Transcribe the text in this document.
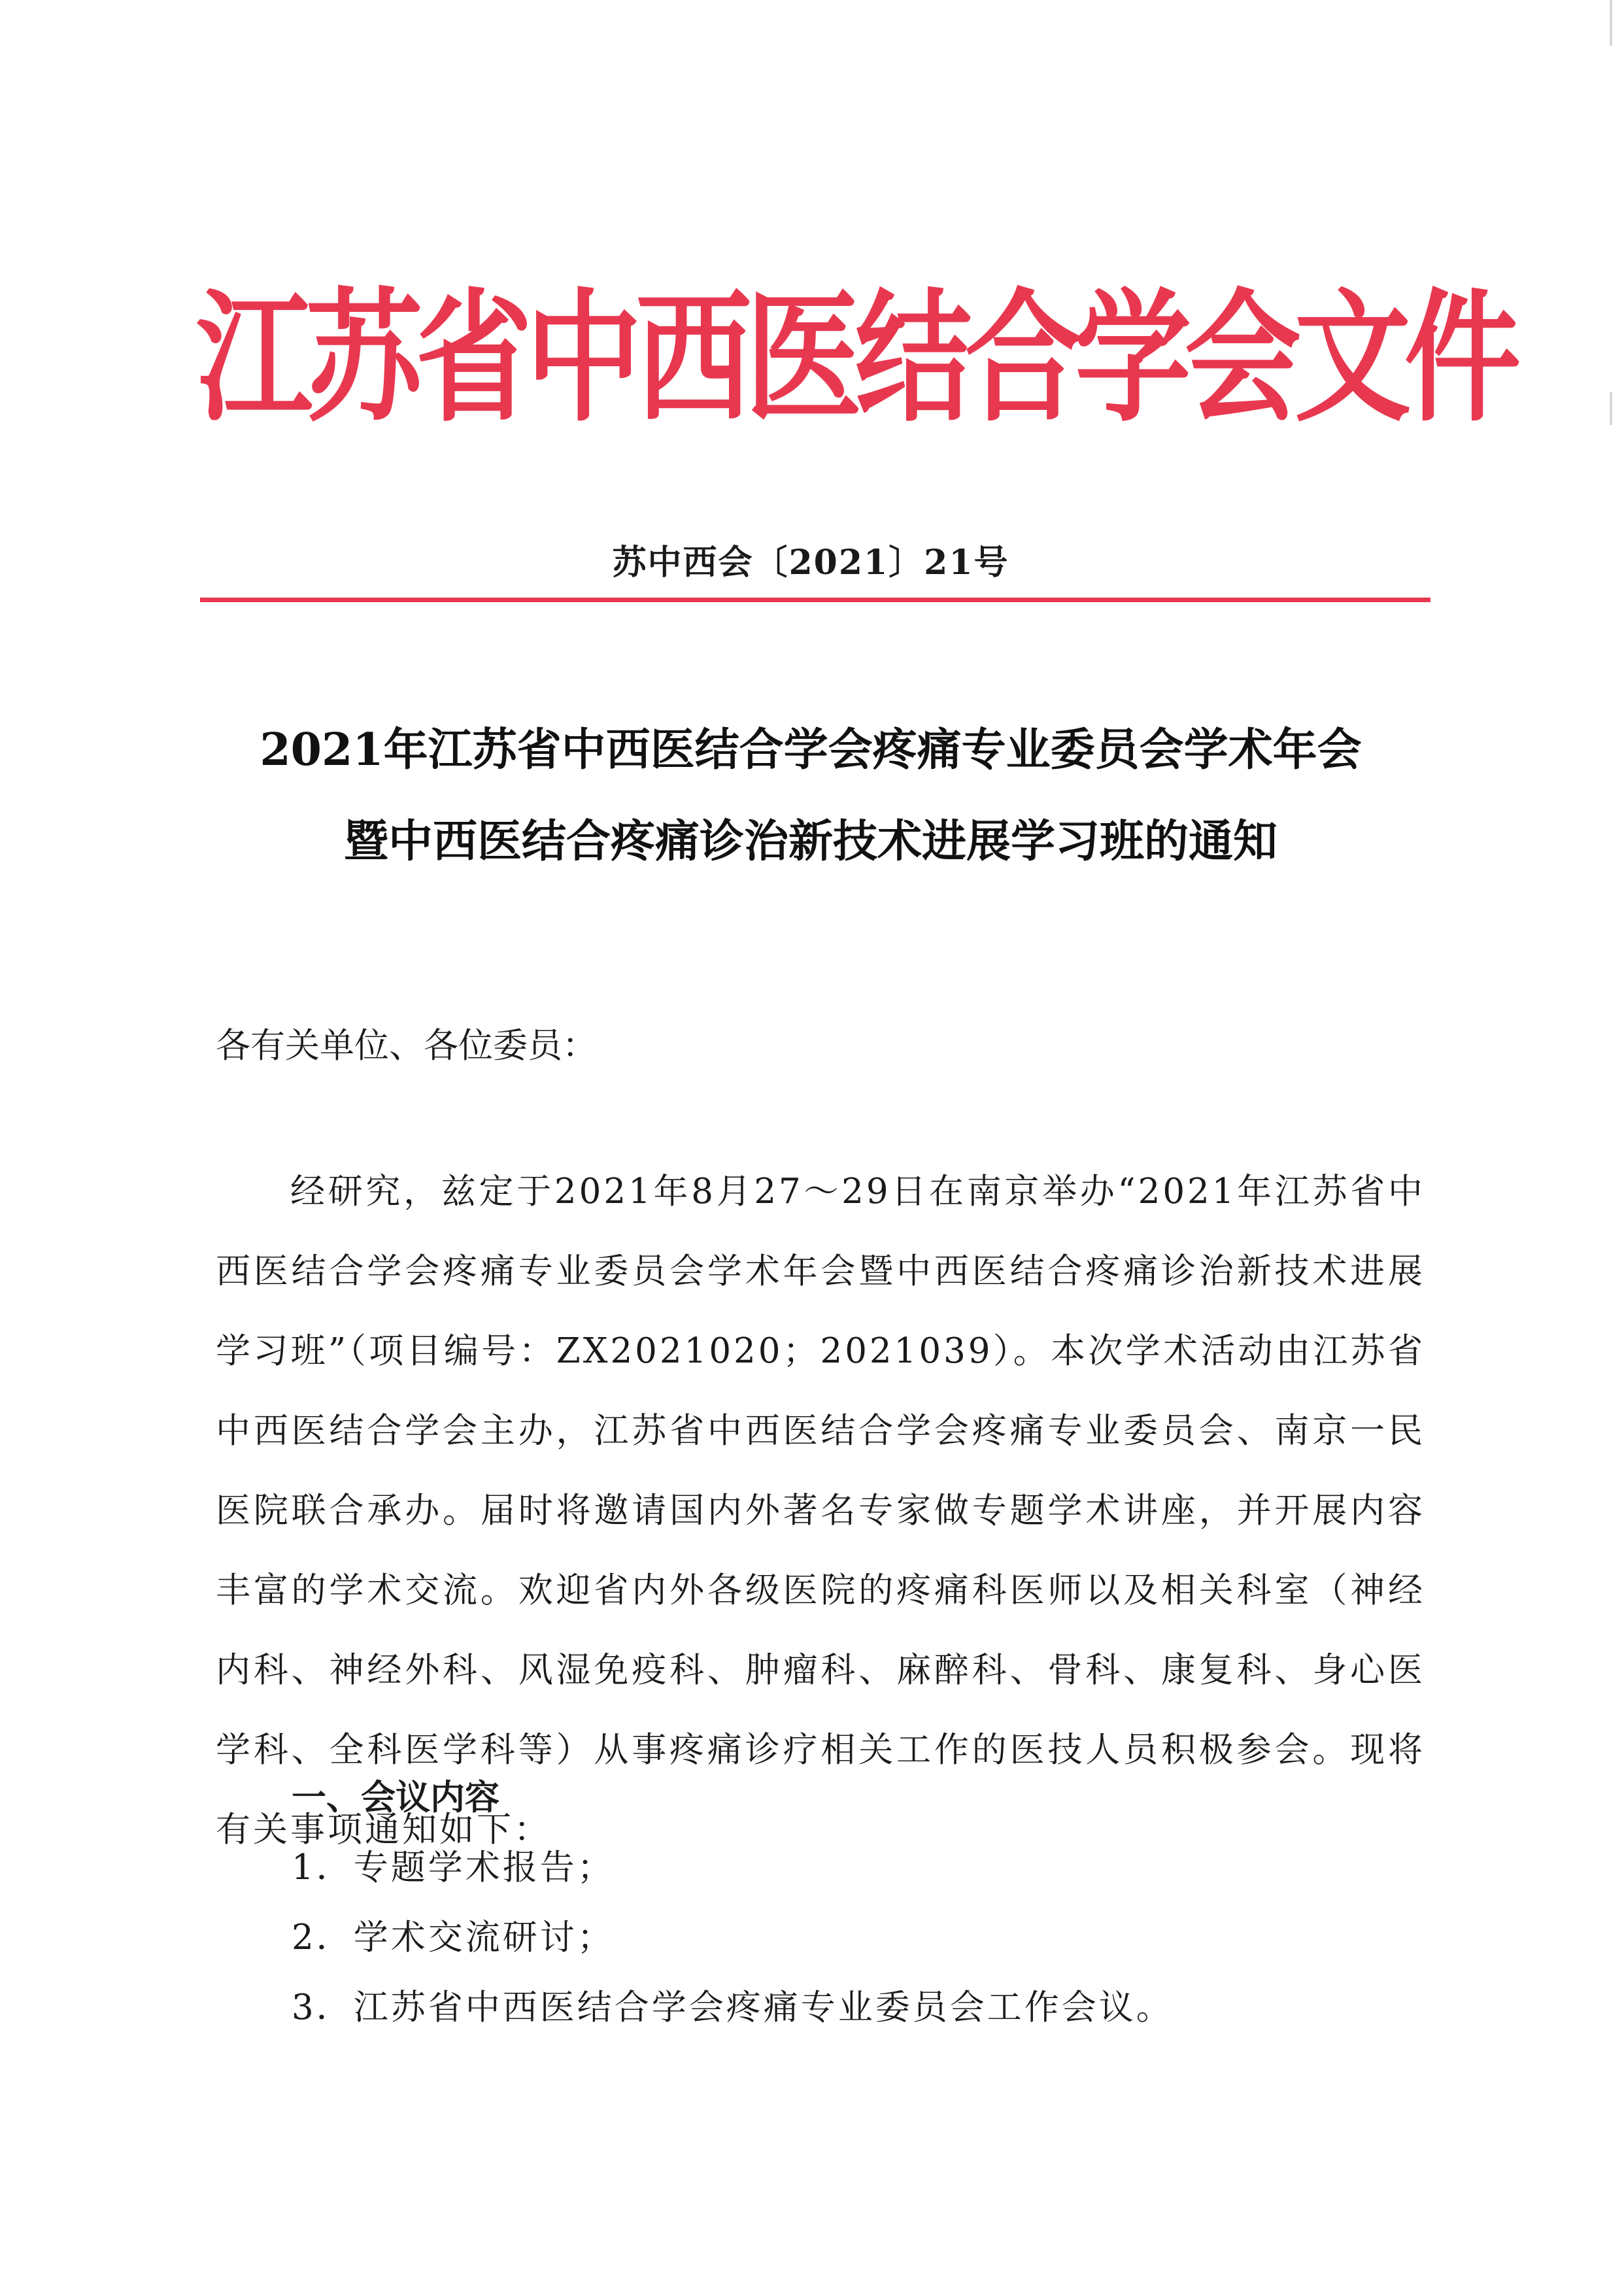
江苏省中西医结合学会文件
苏中西会〔2021〕21号
2021年江苏省中西医结合学会疼痛专业委员会学术年会
暨中西医结合疼痛诊治新技术进展学习班的通知
各有关单位、各位委员：
经研究，兹定于2021年8月27～29日在南京举办“2021年江苏省中西医结合学会疼痛专业委员会学术年会暨中西医结合疼痛诊治新技术进展学习班”（项目编号：ZX2021020；2021039）。本次学术活动由江苏省中西医结合学会主办，江苏省中西医结合学会疼痛专业委员会、南京一民医院联合承办。届时将邀请国内外著名专家做专题学术讲座，并开展内容丰富的学术交流。欢迎省内外各级医院的疼痛科医师以及相关科室（神经内科、神经外科、风湿免疫科、肿瘤科、麻醉科、骨科、康复科、身心医学科、全科医学科等）从事疼痛诊疗相关工作的医技人员积极参会。现将有关事项通知如下：
一、会议内容
1．专题学术报告；
2．学术交流研讨；
3．江苏省中西医结合学会疼痛专业委员会工作会议。
